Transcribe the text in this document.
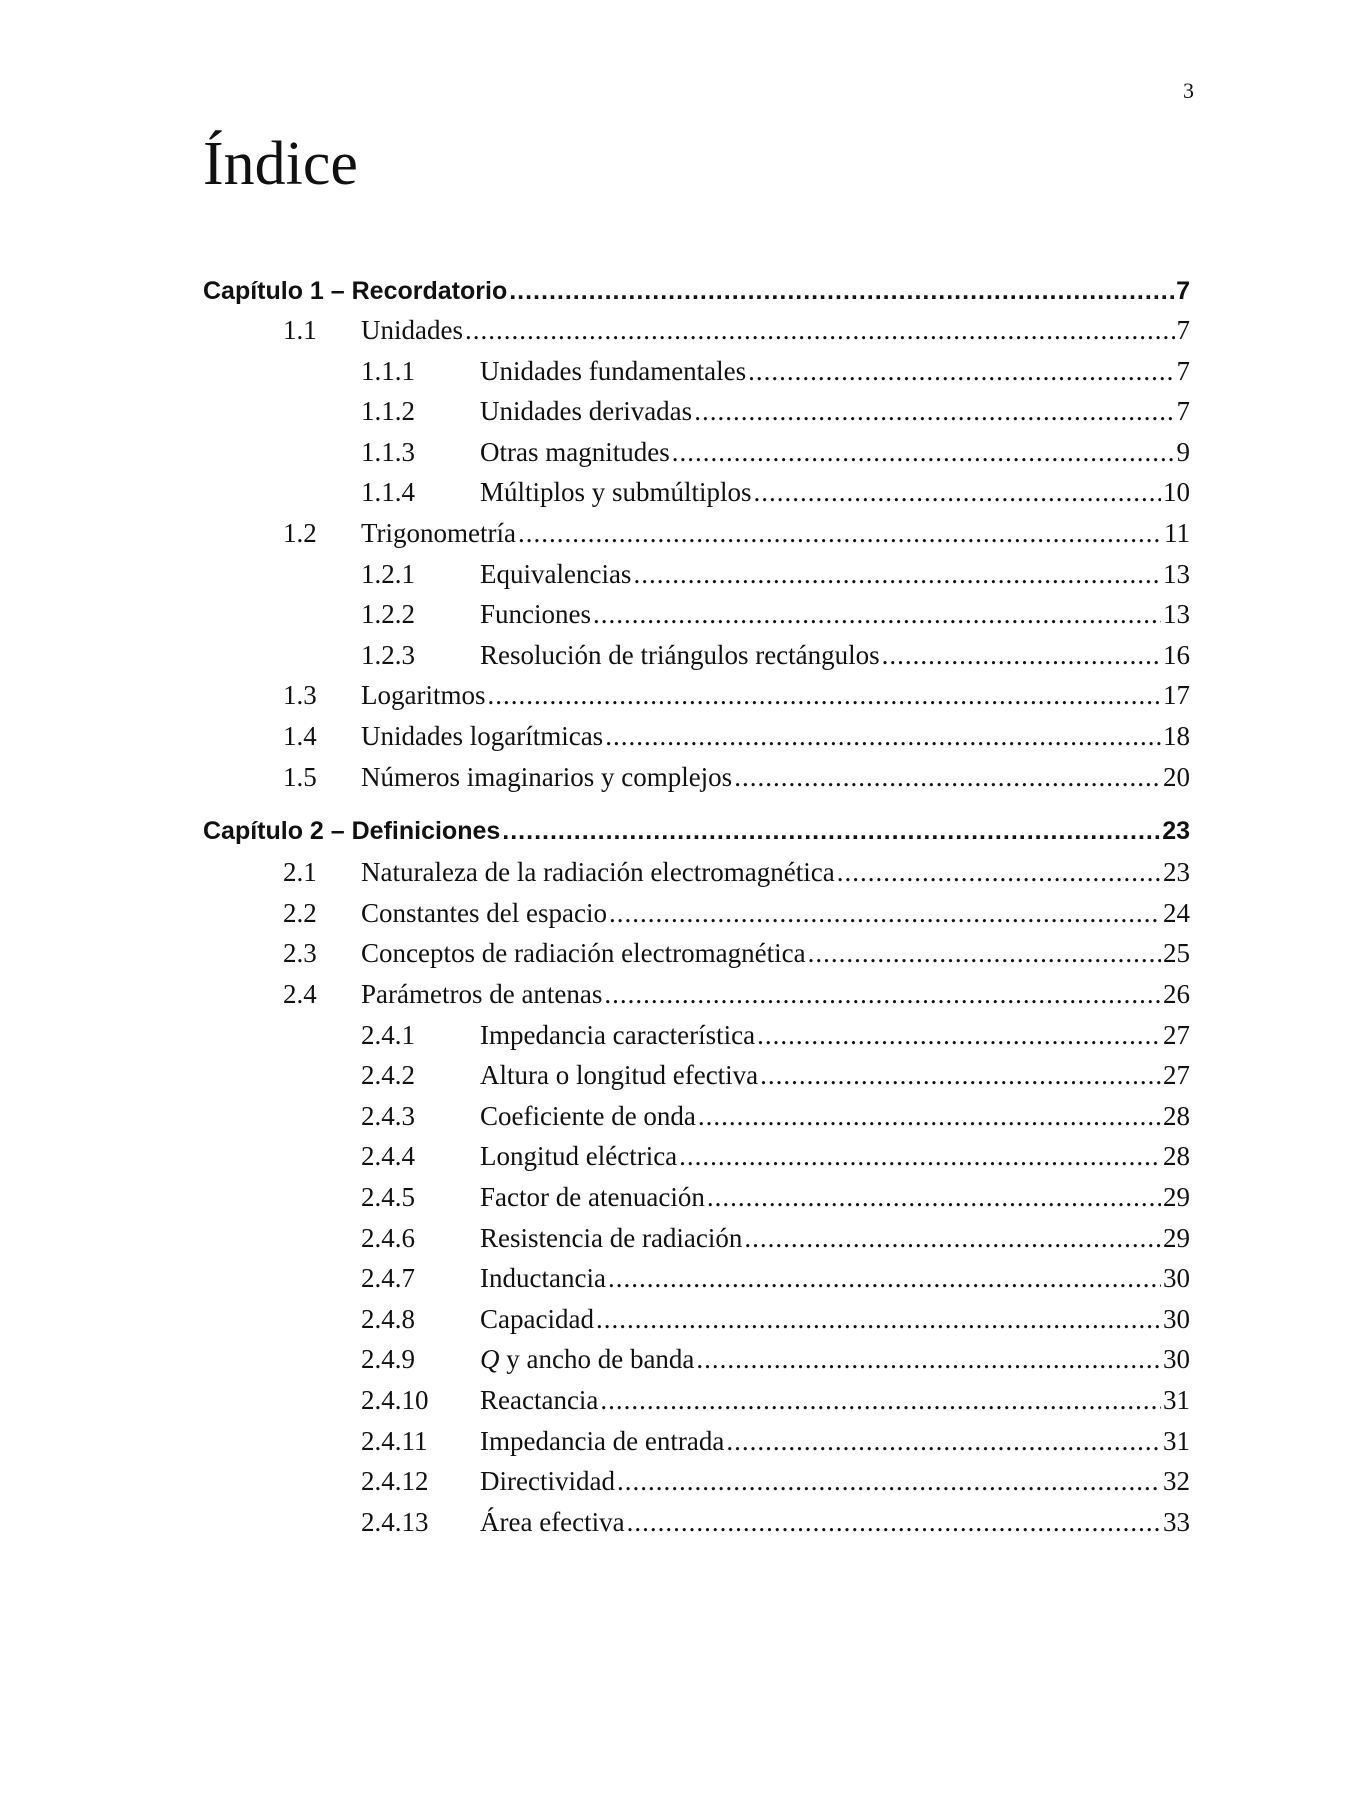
3
Índice
Capítulo 1 – Recordatorio .....	7
1.1	Unidades .....	7
1.1.1	Unidades fundamentales .....	7
1.1.2	Unidades derivadas .....	7
1.1.3	Otras magnitudes .....	9
1.1.4	Múltiplos y submúltiplos .....	10
1.2	Trigonometría .....	11
1.2.1	Equivalencias .....	13
1.2.2	Funciones .....	13
1.2.3	Resolución de triángulos rectángulos .....	16
1.3	Logaritmos .....	17
1.4	Unidades logarítmicas .....	18
1.5	Números imaginarios y complejos .....	20
Capítulo 2 – Definiciones .....	23
2.1	Naturaleza de la radiación electromagnética .....	23
2.2	Constantes del espacio .....	24
2.3	Conceptos de radiación electromagnética .....	25
2.4	Parámetros de antenas .....	26
2.4.1	Impedancia característica .....	27
2.4.2	Altura o longitud efectiva .....	27
2.4.3	Coeficiente de onda .....	28
2.4.4	Longitud eléctrica .....	28
2.4.5	Factor de atenuación .....	29
2.4.6	Resistencia de radiación .....	29
2.4.7	Inductancia .....	30
2.4.8	Capacidad .....	30
2.4.9	Q y ancho de banda .....	30
2.4.10	Reactancia .....	31
2.4.11	Impedancia de entrada .....	31
2.4.12	Directividad .....	32
2.4.13	Área efectiva .....	33
